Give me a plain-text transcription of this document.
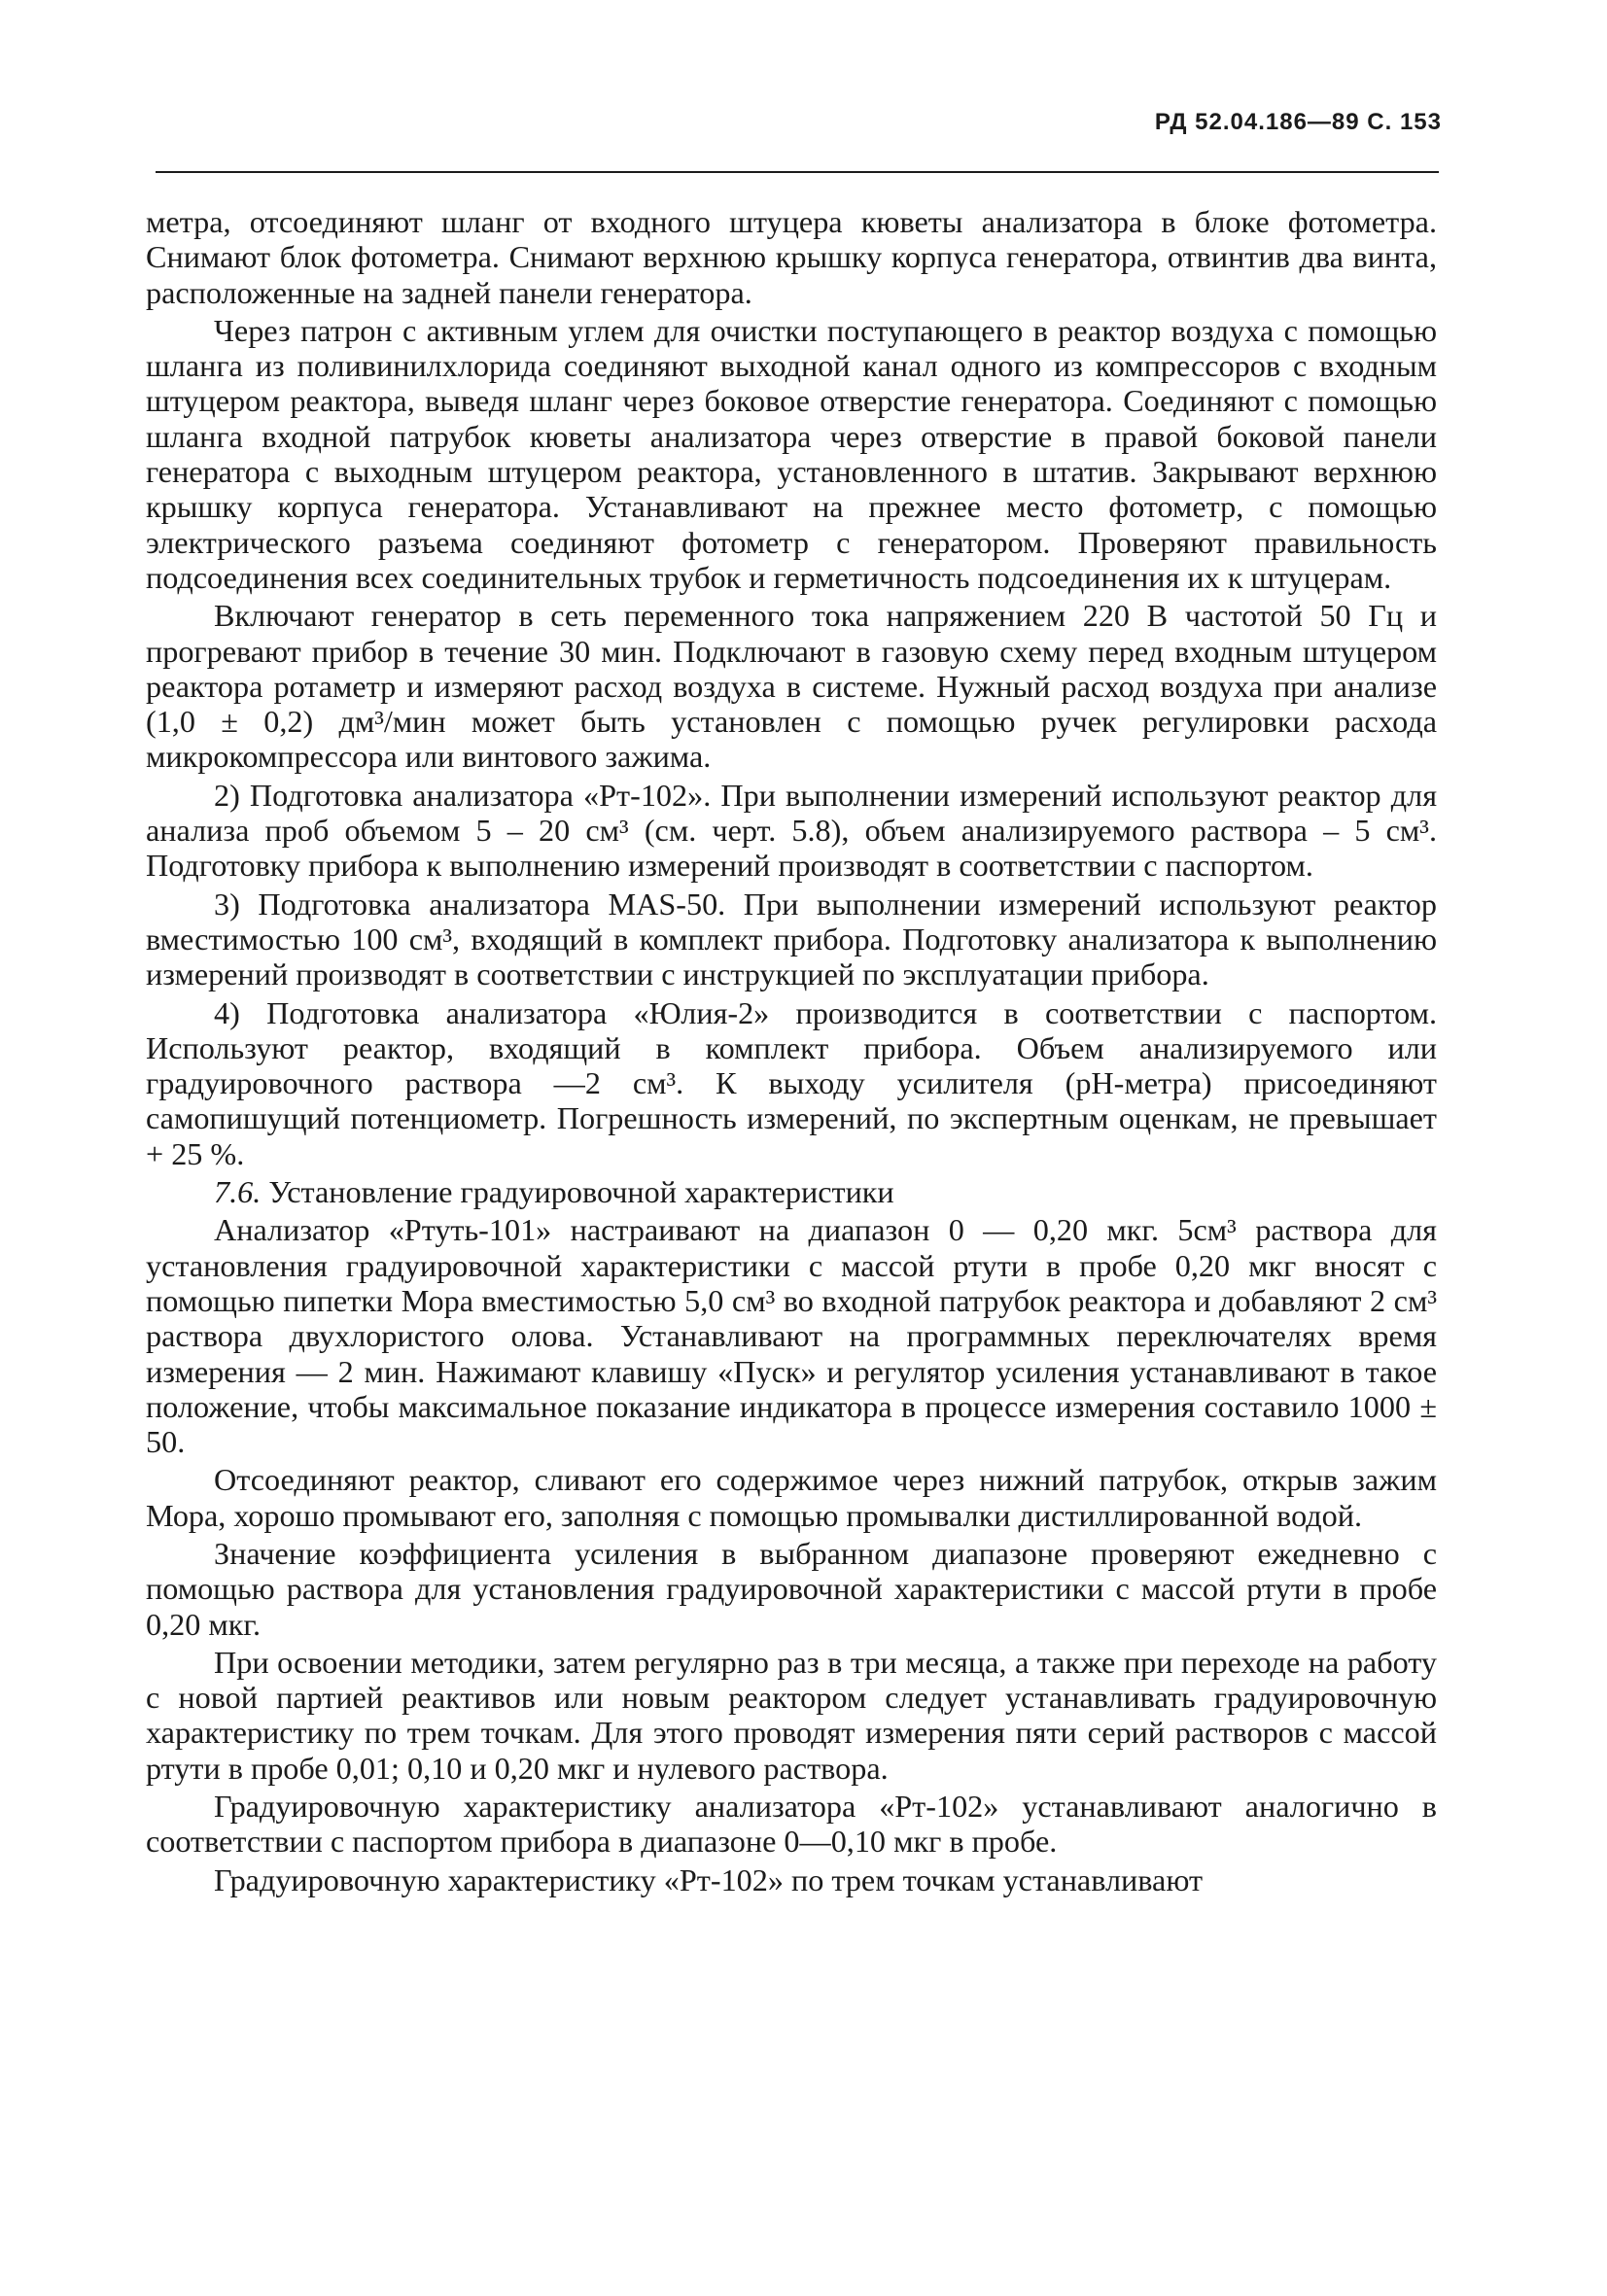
РД 52.04.186—89 С. 153

метра, отсоединяют шланг от входного штуцера кюветы анализатора в блоке фотометра. Снимают блок фотометра. Снимают верхнюю крышку корпуса генератора, отвинтив два винта, расположенные на задней панели генератора.

Через патрон с активным углем для очистки поступающего в реактор воздуха с помощью шланга из поливинилхлорида соединяют выходной канал одного из компрессоров с входным штуцером реактора, выведя шланг через боковое отверстие генератора. Соединяют с помощью шланга входной патрубок кюветы анализатора через отверстие в правой боковой панели генератора с выходным штуцером реактора, установленного в штатив. Закрывают верхнюю крышку корпуса генератора. Устанавливают на прежнее место фотометр, с помощью электрического разъема соединяют фотометр с генератором. Проверяют правильность подсоединения всех соединительных трубок и герметичность подсоединения их к штуцерам.

Включают генератор в сеть переменного тока напряжением 220 В частотой 50 Гц и прогревают прибор в течение 30 мин. Подключают в газовую схему перед входным штуцером реактора ротаметр и измеряют расход воздуха в системе. Нужный расход воздуха при анализе (1,0 ± 0,2) дм³/мин может быть установлен с помощью ручек регулировки расхода микрокомпрессора или винтового зажима.

2) Подготовка анализатора «Рт-102». При выполнении измерений используют реактор для анализа проб объемом 5 – 20 см³ (см. черт. 5.8), объем анализируемого раствора – 5 см³. Подготовку прибора к выполнению измерений производят в соответствии с паспортом.

3) Подготовка анализатора MAS-50. При выполнении измерений используют реактор вместимостью 100 см³, входящий в комплект прибора. Подготовку анализатора к выполнению измерений производят в соответствии с инструкцией по эксплуатации прибора.

4) Подготовка анализатора «Юлия-2» производится в соответствии с паспортом. Используют реактор, входящий в комплект прибора. Объем анализируемого или градуировочного раствора —2 см³. К выходу усилителя (pH-метра) присоединяют самопишущий потенциометр. Погрешность измерений, по экспертным оценкам, не превышает + 25 %.

7.6. Установление градуировочной характеристики

Анализатор «Ртуть-101» настраивают на диапазон 0 — 0,20 мкг. 5см³ раствора для установления градуировочной характеристики с массой ртути в пробе 0,20 мкг вносят с помощью пипетки Мора вместимостью 5,0 см³ во входной патрубок реактора и добавляют 2 см³ раствора двухлористого олова. Устанавливают на программных переключателях время измерения — 2 мин. Нажимают клавишу «Пуск» и регулятор усиления устанавливают в такое положение, чтобы максимальное показание индикатора в процессе измерения составило 1000 ± 50.

Отсоединяют реактор, сливают его содержимое через нижний патрубок, открыв зажим Мора, хорошо промывают его, заполняя с помощью промывалки дистиллированной водой.

Значение коэффициента усиления в выбранном диапазоне проверяют ежедневно с помощью раствора для установления градуировочной характеристики с массой ртути в пробе 0,20 мкг.

При освоении методики, затем регулярно раз в три месяца, а также при переходе на работу с новой партией реактивов или новым реактором следует устанавливать градуировочную характеристику по трем точкам. Для этого проводят измерения пяти серий растворов с массой ртути в пробе 0,01; 0,10 и 0,20 мкг и нулевого раствора.

Градуировочную характеристику анализатора «Рт-102» устанавливают аналогично в соответствии с паспортом прибора в диапазоне 0—0,10 мкг в пробе.

Градуировочную характеристику «Рт-102» по трем точкам устанавливают
